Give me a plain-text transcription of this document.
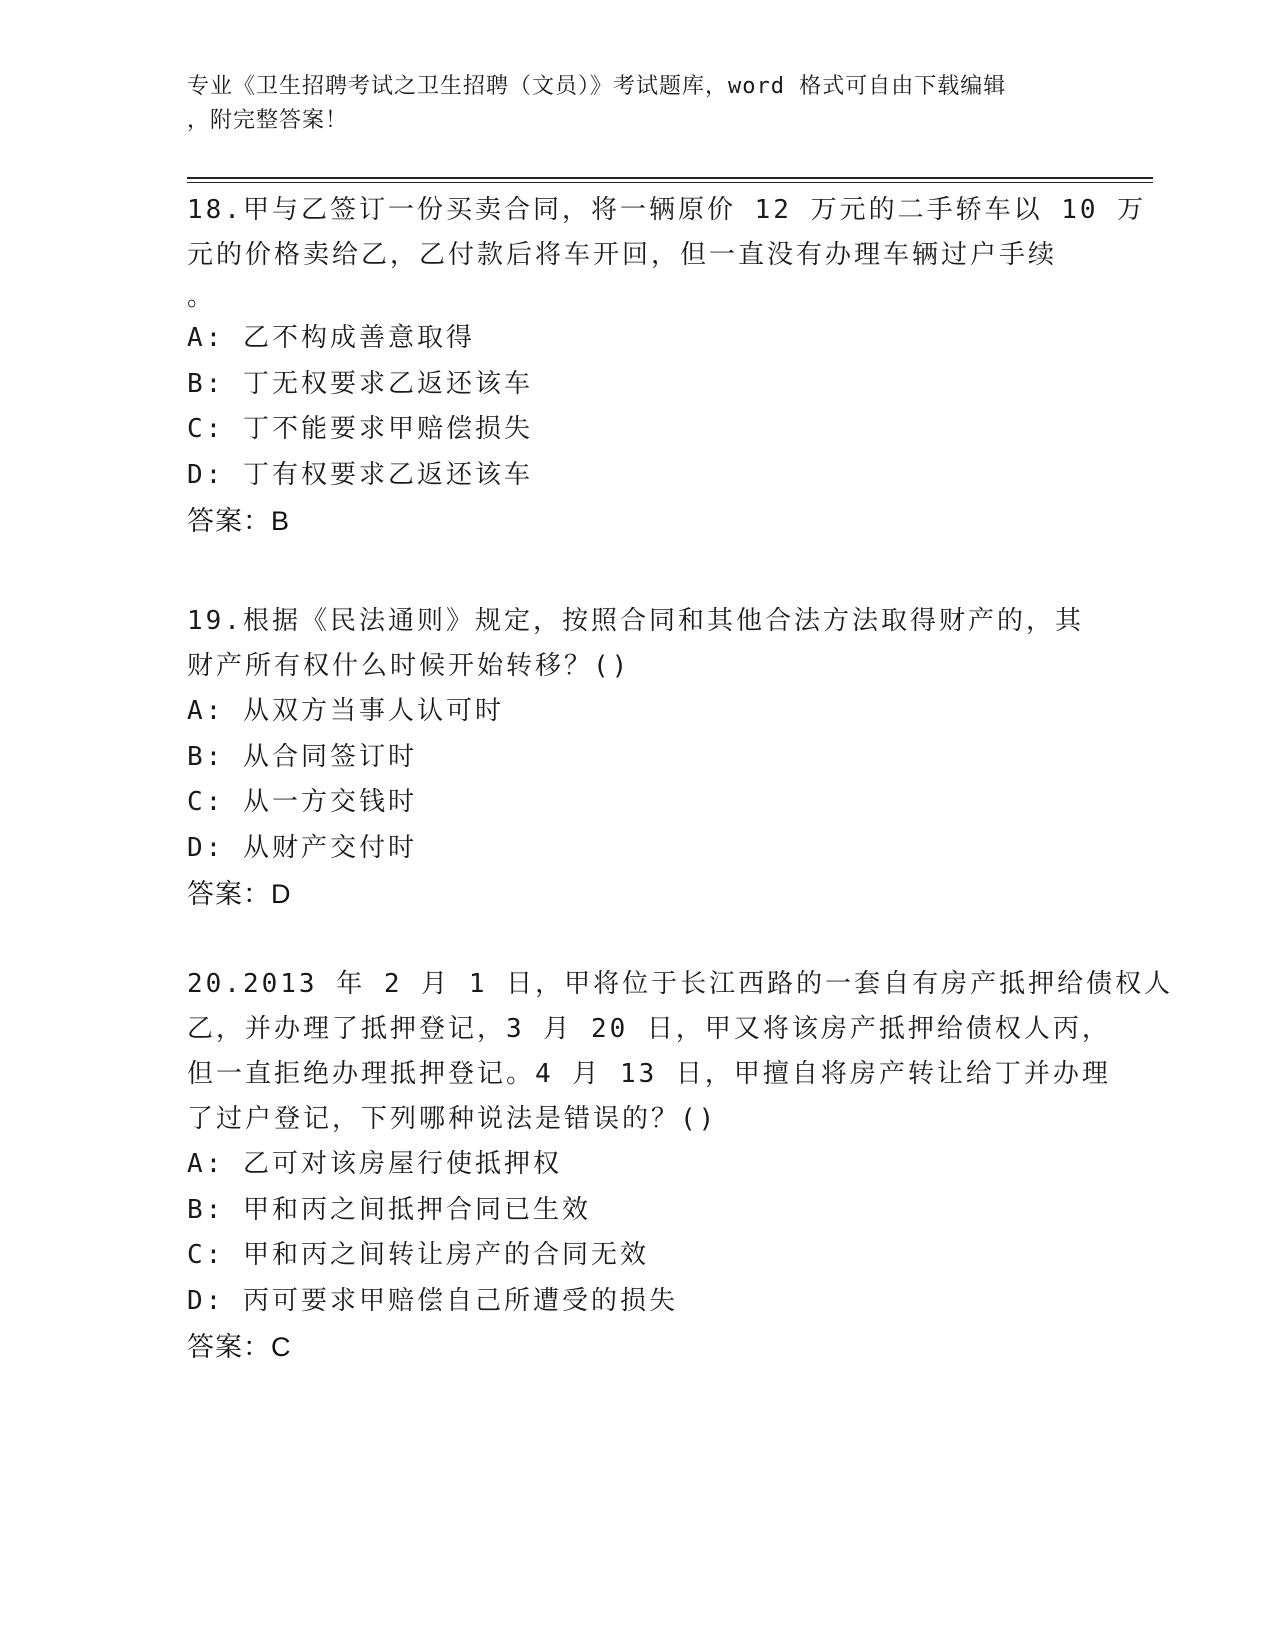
专业《卫生招聘考试之卫生招聘（文员）》考试题库，word 格式可自由下载编辑
，附完整答案！
18.甲与乙签订一份买卖合同，将一辆原价 12 万元的二手轿车以 10 万
元的价格卖给乙，乙付款后将车开回，但一直没有办理车辆过户手续
。
A: 乙不构成善意取得
B: 丁无权要求乙返还该车
C: 丁不能要求甲赔偿损失
D: 丁有权要求乙返还该车
答案：B
19.根据《民法通则》规定，按照合同和其他合法方法取得财产的，其
财产所有权什么时候开始转移？()
A: 从双方当事人认可时
B: 从合同签订时
C: 从一方交钱时
D: 从财产交付时
答案：D
20.2013 年 2 月 1 日，甲将位于长江西路的一套自有房产抵押给债权人
乙，并办理了抵押登记，3 月 20 日，甲又将该房产抵押给债权人丙，
但一直拒绝办理抵押登记。4 月 13 日，甲擅自将房产转让给丁并办理
了过户登记，下列哪种说法是错误的？()
A: 乙可对该房屋行使抵押权
B: 甲和丙之间抵押合同已生效
C: 甲和丙之间转让房产的合同无效
D: 丙可要求甲赔偿自己所遭受的损失
答案：C
